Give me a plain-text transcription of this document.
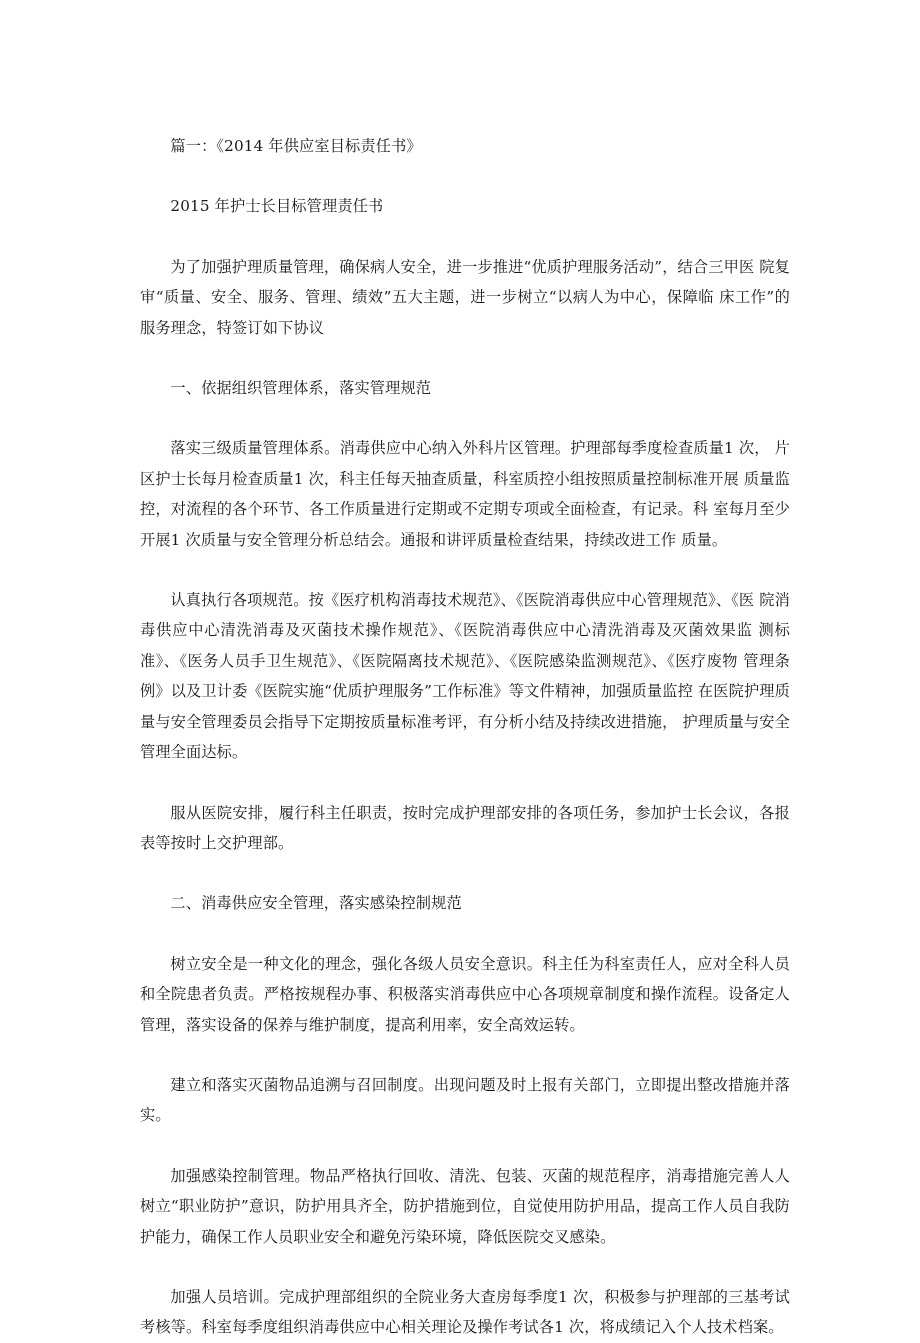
篇一：《2014 年供应室目标责任书》

2015 年护士长目标管理责任书

为了加强护理质量管理，确保病人安全，进一步推进“优质护理服务活动”，结合三甲医 院复审“质量、安全、服务、管理、绩效”五大主题，进一步树立“以病人为中心，保障临 床工作”的服务理念，特签订如下协议

一、依据组织管理体系，落实管理规范

落实三级质量管理体系。消毒供应中心纳入外科片区管理。护理部每季度检查质量1 次， 片区护士长每月检查质量1 次，科主任每天抽查质量，科室质控小组按照质量控制标准开展 质量监控，对流程的各个环节、各工作质量进行定期或不定期专项或全面检查，有记录。科 室每月至少开展1 次质量与安全管理分析总结会。通报和讲评质量检查结果，持续改进工作 质量。

认真执行各项规范。按《医疗机构消毒技术规范》、《医院消毒供应中心管理规范》、《医 院消毒供应中心清洗消毒及灭菌技术操作规范》、《医院消毒供应中心清洗消毒及灭菌效果监 测标准》、《医务人员手卫生规范》、《医院隔离技术规范》、《医院感染监测规范》、《医疗废物 管理条例》以及卫计委《医院实施“优质护理服务”工作标准》等文件精神，加强质量监控 在医院护理质量与安全管理委员会指导下定期按质量标准考评，有分析小结及持续改进措施， 护理质量与安全管理全面达标。

服从医院安排，履行科主任职责，按时完成护理部安排的各项任务，参加护士长会议，各报表等按时上交护理部。

二、消毒供应安全管理，落实感染控制规范

树立安全是一种文化的理念，强化各级人员安全意识。科主任为科室责任人，应对全科人员和全院患者负责。严格按规程办事、积极落实消毒供应中心各项规章制度和操作流程。设备定人管理，落实设备的保养与维护制度，提高利用率，安全高效运转。

建立和落实灭菌物品追溯与召回制度。出现问题及时上报有关部门，立即提出整改措施并落实。

加强感染控制管理。物品严格执行回收、清洗、包装、灭菌的规范程序，消毒措施完善人人树立“职业防护”意识，防护用具齐全，防护措施到位，自觉使用防护用品，提高工作人员自我防护能力，确保工作人员职业安全和避免污染环境，降低医院交叉感染。

加强人员培训。完成护理部组织的全院业务大查房每季度1 次，积极参与护理部的三基考试考核等。科室每季度组织消毒供应中心相关理论及操作考试各1 次，将成绩记入个人技术档案。
